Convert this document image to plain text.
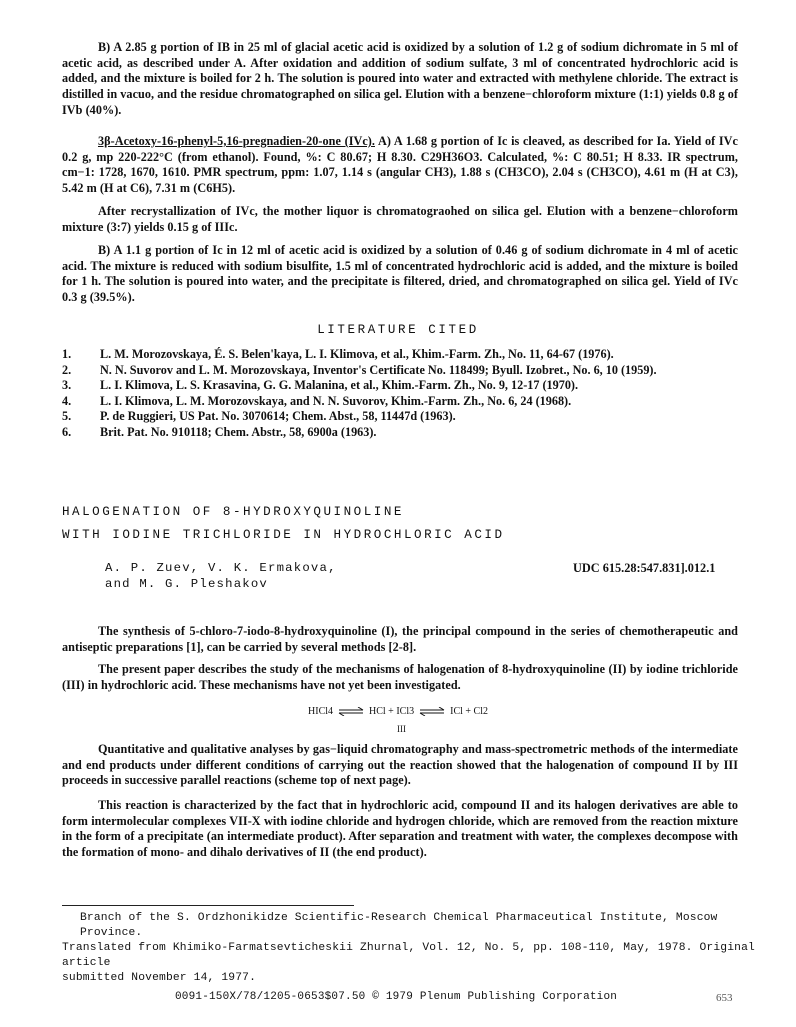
B) A 2.85 g portion of IB in 25 ml of glacial acetic acid is oxidized by a solution of 1.2 g of sodium dichromate in 5 ml of acetic acid, as described under A. After oxidation and addition of sodium sulfate, 3 ml of concentrated hydrochloric acid is added, and the mixture is boiled for 2 h. The solution is poured into water and extracted with methylene chloride. The extract is distilled in vacuo, and the residue chromatographed on silica gel. Elution with a benzene−chloroform mixture (1:1) yields 0.8 g of IVb (40%).
3β-Acetoxy-16-phenyl-5,16-pregnadien-20-one (IVc). A) A 1.68 g portion of Ic is cleaved, as described for Ia. Yield of IVc 0.2 g, mp 220-222°C (from ethanol). Found, %: C 80.67; H 8.30. C29H36O3. Calculated, %: C 80.51; H 8.33. IR spectrum, cm−1: 1728, 1670, 1610. PMR spectrum, ppm: 1.07, 1.14 s (angular CH3), 1.88 s (CH3CO), 2.04 s (CH3CO), 4.61 m (H at C3), 5.42 m (H at C6), 7.31 m (C6H5).
After recrystallization of IVc, the mother liquor is chromatograohed on silica gel. Elution with a benzene−chloroform mixture (3:7) yields 0.15 g of IIIc.
B) A 1.1 g portion of Ic in 12 ml of acetic acid is oxidized by a solution of 0.46 g of sodium dichromate in 4 ml of acetic acid. The mixture is reduced with sodium bisulfite, 1.5 ml of concentrated hydrochloric acid is added, and the mixture is boiled for 1 h. The solution is poured into water, and the precipitate is filtered, dried, and chromatographed on silica gel. Yield of IVc 0.3 g (39.5%).
LITERATURE CITED
1.	L. M. Morozovskaya, É. S. Belen'kaya, L. I. Klimova, et al., Khim.-Farm. Zh., No. 11, 64-67 (1976).
2.	N. N. Suvorov and L. M. Morozovskaya, Inventor's Certificate No. 118499; Byull. Izobret., No. 6, 10 (1959).
3.	L. I. Klimova, L. S. Krasavina, G. G. Malanina, et al., Khim.-Farm. Zh., No. 9, 12-17 (1970).
4.	L. I. Klimova, L. M. Morozovskaya, and N. N. Suvorov, Khim.-Farm. Zh., No. 6, 24 (1968).
5.	P. de Ruggieri, US Pat. No. 3070614; Chem. Abst., 58, 11447d (1963).
6.	Brit. Pat. No. 910118; Chem. Abstr., 58, 6900a (1963).
HALOGENATION OF 8-HYDROXYQUINOLINE
WITH IODINE TRICHLORIDE IN HYDROCHLORIC ACID
A. P. Zuev, V. K. Ermakova,
and M. G. Pleshakov
UDC 615.28:547.831].012.1
The synthesis of 5-chloro-7-iodo-8-hydroxyquinoline (I), the principal compound in the series of chemotherapeutic and antiseptic preparations [1], can be carried by several methods [2-8].
The present paper describes the study of the mechanisms of halogenation of 8-hydroxyquinoline (II) by iodine trichloride (III) in hydrochloric acid. These mechanisms have not yet been investigated.
HICl4 ⇌ HCl + ICl3 ⇌ ICl + Cl2
III
Quantitative and qualitative analyses by gas−liquid chromatography and mass-spectrometric methods of the intermediate and end products under different conditions of carrying out the reaction showed that the halogenation of compound II by III proceeds in successive parallel reactions (scheme top of next page).
This reaction is characterized by the fact that in hydrochloric acid, compound II and its halogen derivatives are able to form intermolecular complexes VII-X with iodine chloride and hydrogen chloride, which are removed from the reaction mixture in the form of a precipitate (an intermediate product). After separation and treatment with water, the complexes decompose with the formation of mono- and dihalo derivatives of II (the end product).
Branch of the S. Ordzhonikidze Scientific-Research Chemical Pharmaceutical Institute, Moscow Province.
Translated from Khimiko-Farmatsevticheskii Zhurnal, Vol. 12, No. 5, pp. 108-110, May, 1978. Original article
submitted November 14, 1977.
0091-150X/78/1205-0653$07.50 © 1979 Plenum Publishing Corporation	653
